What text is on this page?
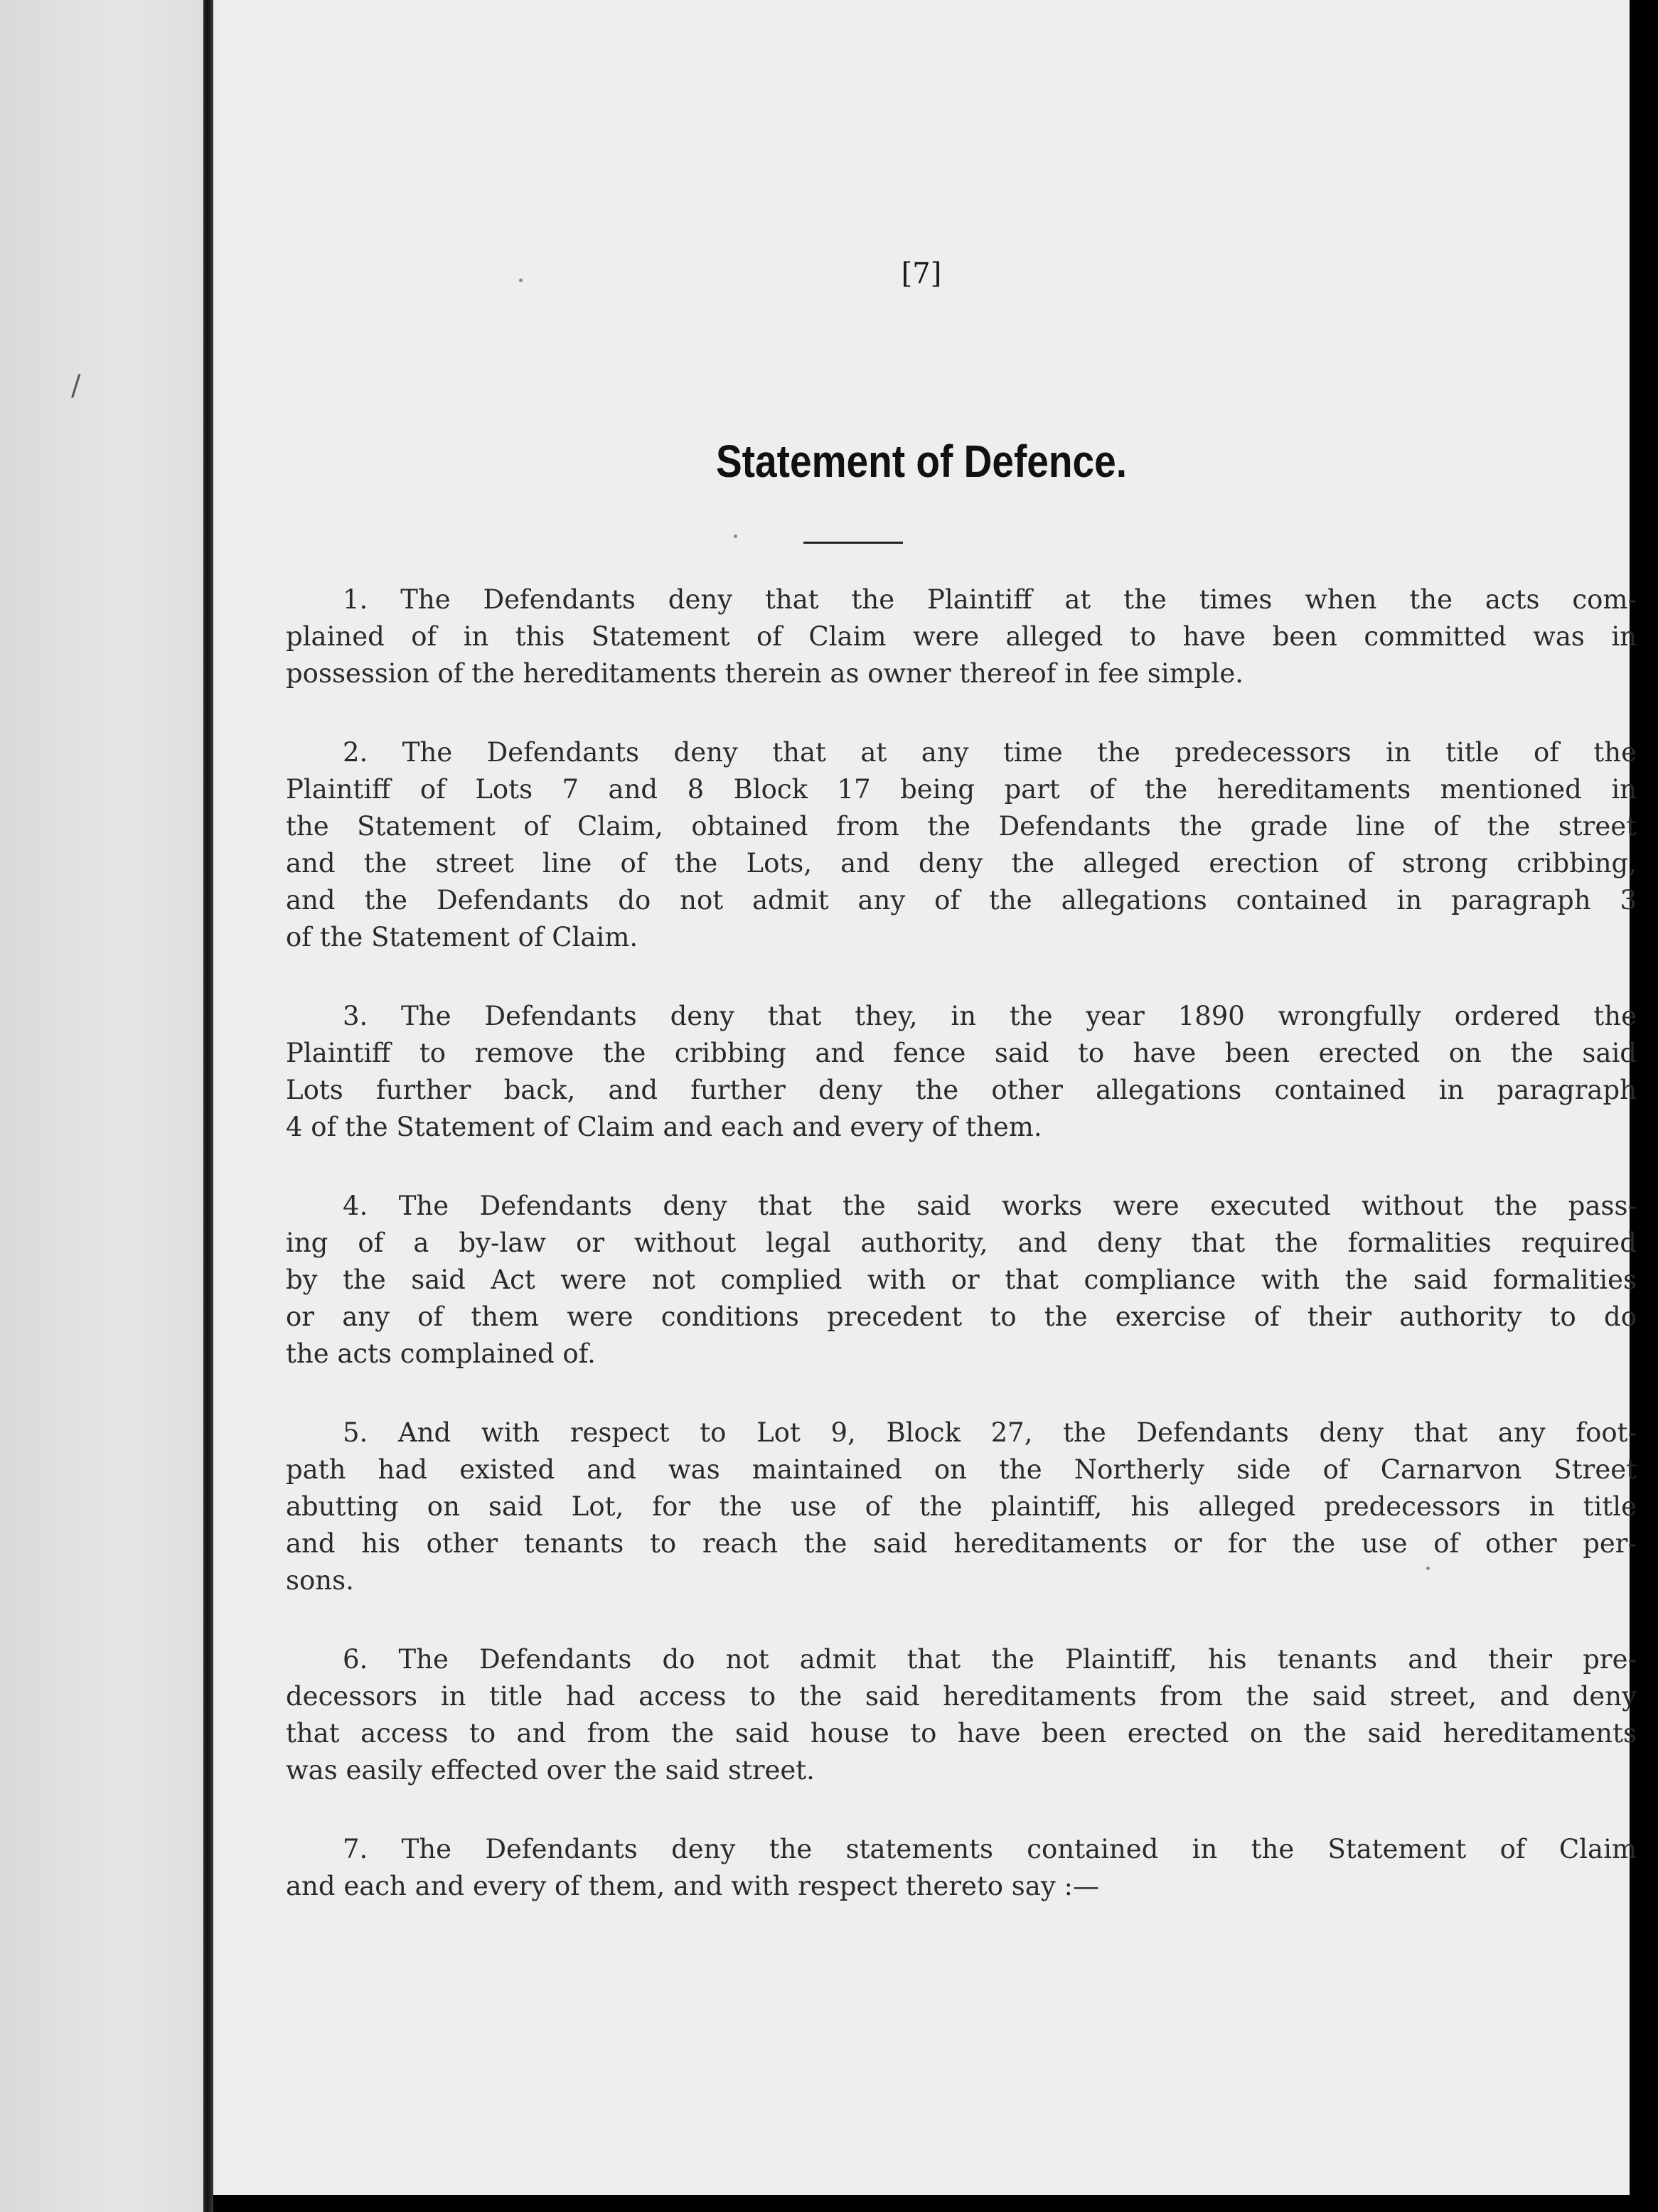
/
[7]
Statement of Defence.
1. The Defendants deny that the Plaintiff at the times when the acts com-
plained of in this Statement of Claim were alleged to have been committed was in
possession of the hereditaments therein as owner thereof in fee simple.
2. The Defendants deny that at any time the predecessors in title of the
Plaintiff of Lots 7 and 8 Block 17 being part of the hereditaments mentioned in
the Statement of Claim, obtained from the Defendants the grade line of the street
and the street line of the Lots, and deny the alleged erection of strong cribbing,
and the Defendants do not admit any of the allegations contained in paragraph 3
of the Statement of Claim.
3. The Defendants deny that they, in the year 1890 wrongfully ordered the
Plaintiff to remove the cribbing and fence said to have been erected on the said
Lots further back, and further deny the other allegations contained in paragraph
4 of the Statement of Claim and each and every of them.
4. The Defendants deny that the said works were executed without the pass-
ing of a by-law or without legal authority, and deny that the formalities required
by the said Act were not complied with or that compliance with the said formalities
or any of them were conditions precedent to the exercise of their authority to do
the acts complained of.
5. And with respect to Lot 9, Block 27, the Defendants deny that any foot-
path had existed and was maintained on the Northerly side of Carnarvon Street
abutting on said Lot, for the use of the plaintiff, his alleged predecessors in title
and his other tenants to reach the said hereditaments or for the use of other per-
sons.
6. The Defendants do not admit that the Plaintiff, his tenants and their pre-
decessors in title had access to the said hereditaments from the said street, and deny
that access to and from the said house to have been erected on the said hereditaments
was easily effected over the said street.
7. The Defendants deny the statements contained in the Statement of Claim
and each and every of them, and with respect thereto say :—
